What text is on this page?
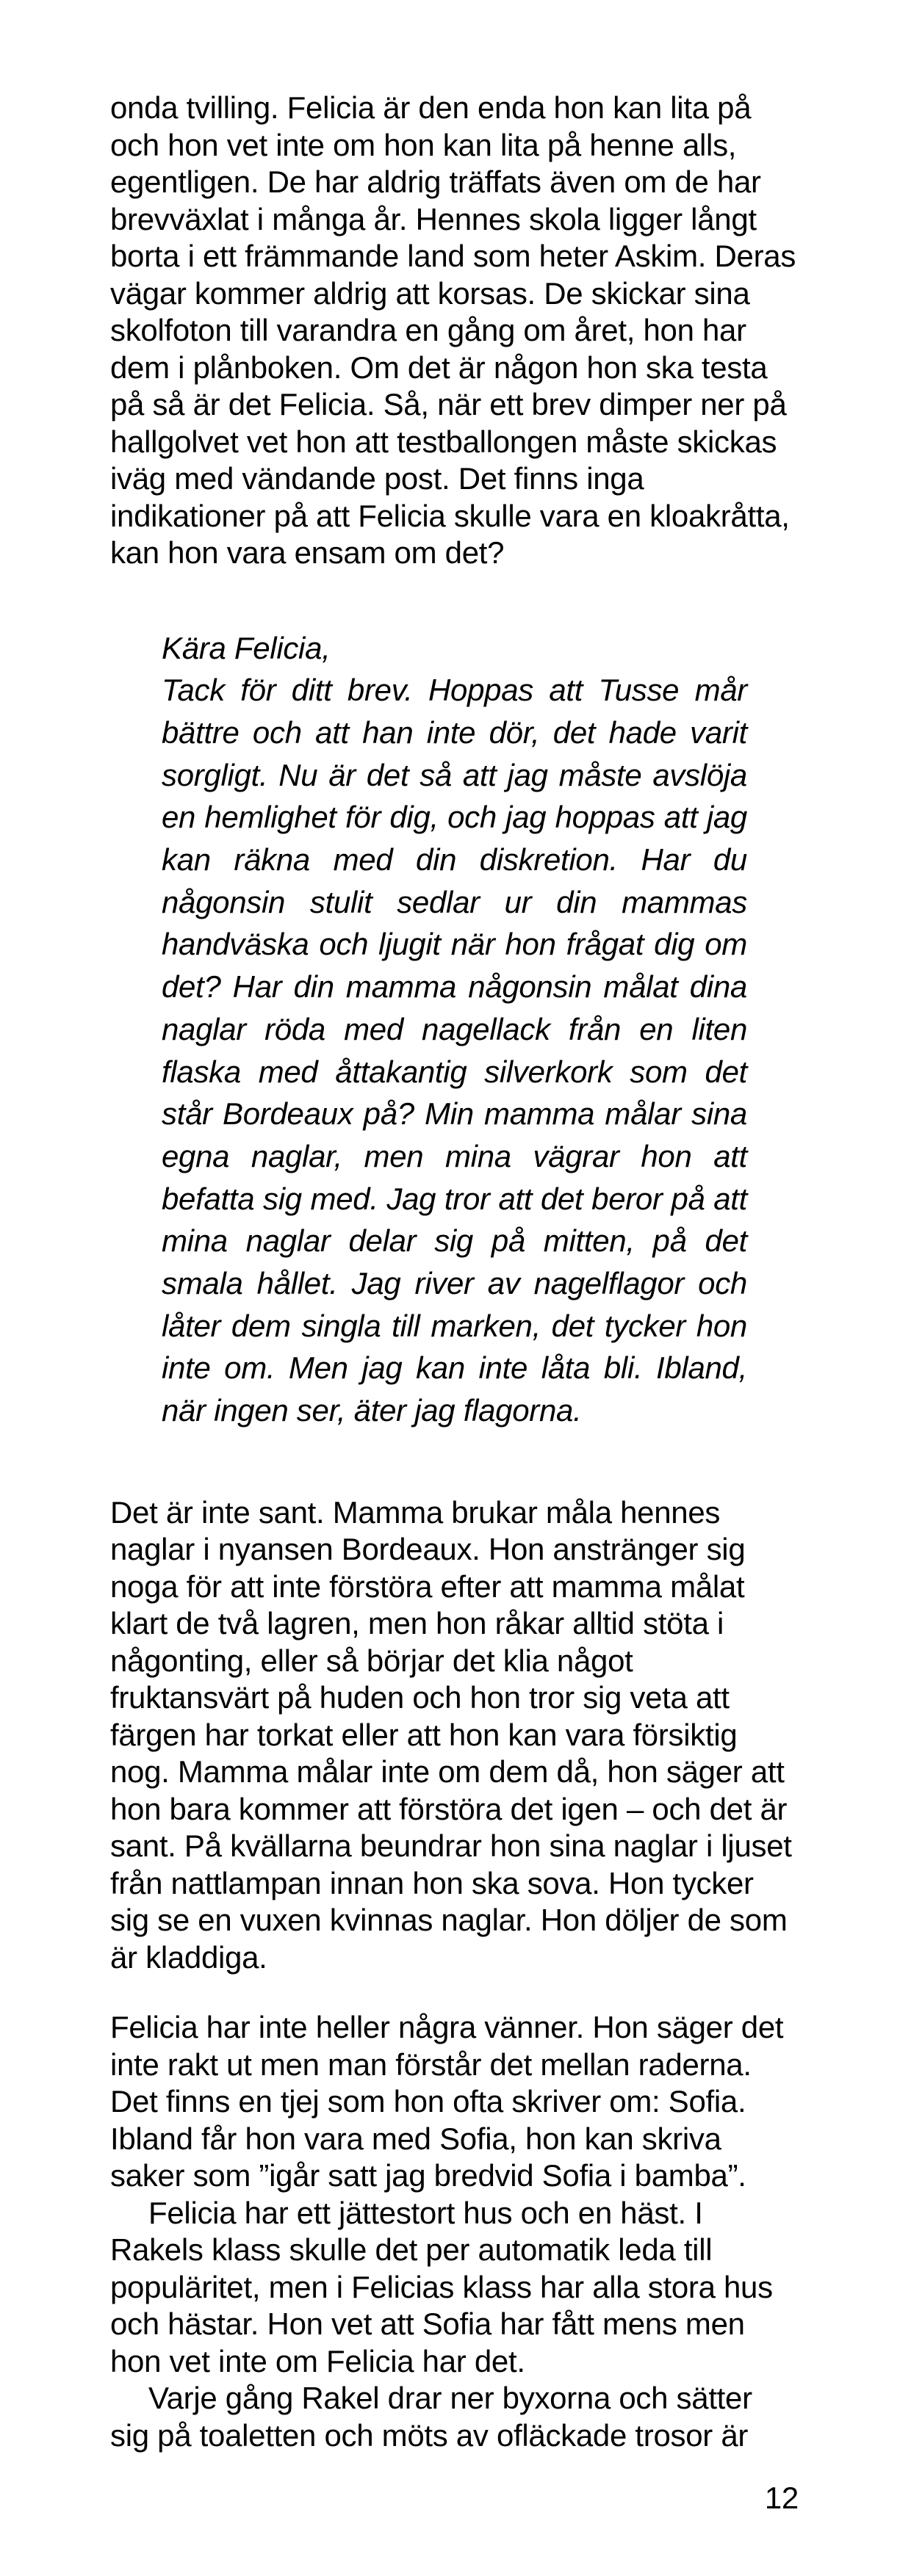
onda tvilling. Felicia är den enda hon kan lita på och hon vet inte om hon kan lita på henne alls, egentligen. De har aldrig träffats även om de har brevväxlat i många år. Hennes skola ligger långt borta i ett främmande land som heter Askim. Deras vägar kommer aldrig att korsas. De skickar sina skolfoton till varandra en gång om året, hon har dem i plånboken. Om det är någon hon ska testa på så är det Felicia. Så, när ett brev dimper ner på hallgolvet vet hon att testballongen måste skickas iväg med vändande post. Det finns inga indikationer på att Felicia skulle vara en kloakråtta, kan hon vara ensam om det?

Kära Felicia,

Tack för ditt brev. Hoppas att Tusse mår bättre och att han inte dör, det hade varit sorgligt. Nu är det så att jag måste avslöja en hemlighet för dig, och jag hoppas att jag kan räkna med din diskretion. Har du någonsin stulit sedlar ur din mammas handväska och ljugit när hon frågat dig om det? Har din mamma någonsin målat dina naglar röda med nagellack från en liten flaska med åttakantig silverkork som det står Bordeaux på? Min mamma målar sina egna naglar, men mina vägrar hon att befatta sig med. Jag tror att det beror på att mina naglar delar sig på mitten, på det smala hållet. Jag river av nagelflagor och låter dem singla till marken, det tycker hon inte om. Men jag kan inte låta bli. Ibland, när ingen ser, äter jag flagorna.

Det är inte sant. Mamma brukar måla hennes naglar i nyansen Bordeaux. Hon anstränger sig noga för att inte förstöra efter att mamma målat klart de två lagren, men hon råkar alltid stöta i någonting, eller så börjar det klia något fruktansvärt på huden och hon tror sig veta att färgen har torkat eller att hon kan vara försiktig nog. Mamma målar inte om dem då, hon säger att hon bara kommer att förstöra det igen – och det är sant. På kvällarna beundrar hon sina naglar i ljuset från nattlampan innan hon ska sova. Hon tycker sig se en vuxen kvinnas naglar. Hon döljer de som är kladdiga.

Felicia har inte heller några vänner. Hon säger det inte rakt ut men man förstår det mellan raderna. Det finns en tjej som hon ofta skriver om: Sofia. Ibland får hon vara med Sofia, hon kan skriva saker som ”igår satt jag bredvid Sofia i bamba”.

Felicia har ett jättestort hus och en häst. I Rakels klass skulle det per automatik leda till populäritet, men i Felicias klass har alla stora hus och hästar. Hon vet att Sofia har fått mens men hon vet inte om Felicia har det.

Varje gång Rakel drar ner byxorna och sätter sig på toaletten och möts av ofläckade trosor är

12
